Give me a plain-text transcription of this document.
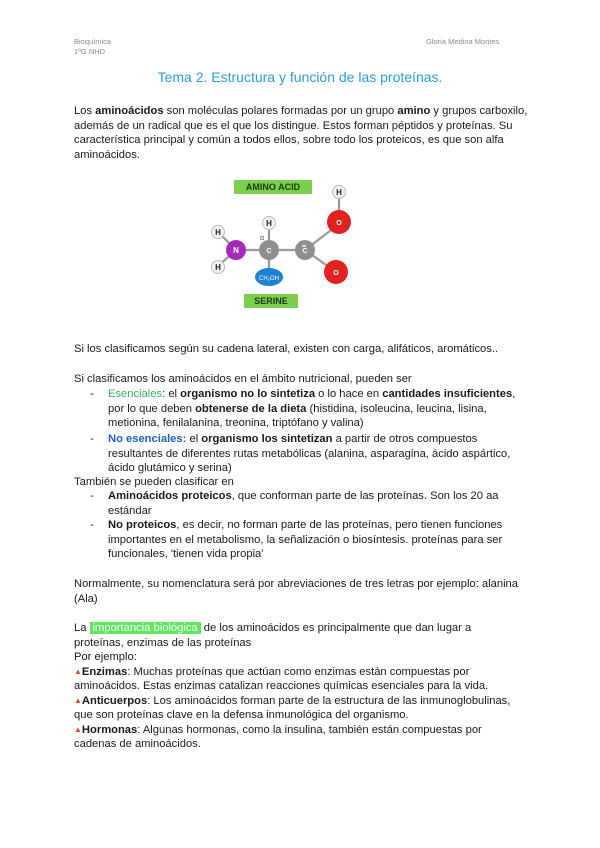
Bioquímica
1ºG NHD
Gloria Medina Montes
Tema 2. Estructura y función de las proteínas.
Los aminoácidos son moléculas polares formadas por un grupo amino y grupos carboxilo,
además de un radical que es el que los distingue. Estos forman péptidos y proteínas. Su
característica principal y común a todos ellos, sobre todo los proteicos, es que son alfa
aminoácidos.
AMINO ACID
H
H
H
H
N	C	C
O
O
α
CH₂OH
SERINE
Si los clasificamos según su cadena lateral, existen con carga, alifáticos, aromáticos..
Si clasificamos los aminoácidos en el ámbito nutricional, pueden ser
- Esenciales: el organismo no lo sintetiza o lo hace en cantidades insuficientes,
por lo que deben obtenerse de la dieta (histidina, isoleucina, leucina, lisina,
metionina, fenilalanina, treonina, triptófano y valina)
- No esenciales: el organismo los sintetizan a partir de otros compuestos
resultantes de diferentes rutas metabólicas (alanina, asparagina, ácido aspártico,
ácido glutámico y serina)
También se pueden clasificar en
- Aminoácidos proteicos, que conforman parte de las proteínas. Son los 20 aa
estándar
- No proteicos, es decir, no forman parte de las proteínas, pero tienen funciones
importantes en el metabolismo, la señalización o biosíntesis. proteínas para ser
funcionales, 'tienen vida propia'
Normalmente, su nomenclatura será por abreviaciones de tres letras por ejemplo: alanina
(Ala)
La importancia biológica de los aminoácidos es principalmente que dan lugar a
proteínas, enzimas de las proteínas
Por ejemplo:
▲Enzimas: Muchas proteínas que actúan como enzimas están compuestas por
aminoácidos. Estas enzimas catalizan reacciones químicas esenciales para la vida.
▲Anticuerpos: Los aminoácidos forman parte de la estructura de las inmunoglobulinas,
que son proteínas clave en la defensa inmunológica del organismo.
▲Hormonas: Algunas hormonas, como la insulina, también están compuestas por
cadenas de aminoácidos.
